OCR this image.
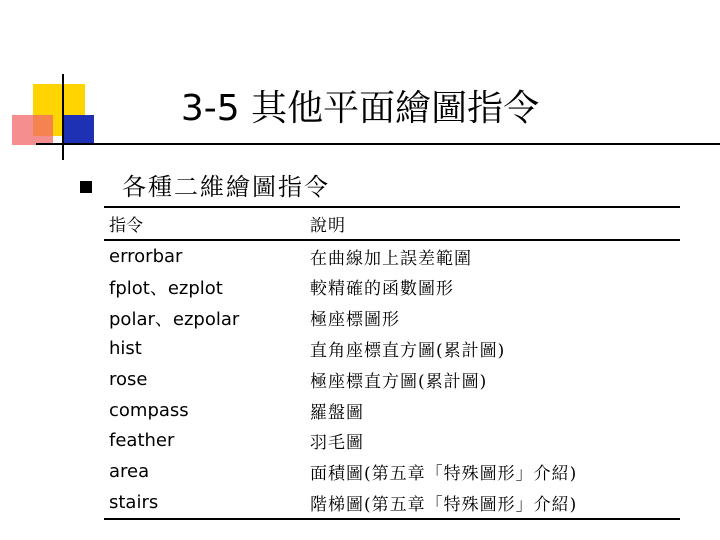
3-5 其他平面繪圖指令
各種二維繪圖指令
指令	說明
errorbar	在曲線加上誤差範圍
fplot、ezplot	較精確的函數圖形
polar、ezpolar	極座標圖形
hist	直角座標直方圖(累計圖)
rose	極座標直方圖(累計圖)
compass	羅盤圖
feather	羽毛圖
area	面積圖(第五章「特殊圖形」介紹)
stairs	階梯圖(第五章「特殊圖形」介紹)
